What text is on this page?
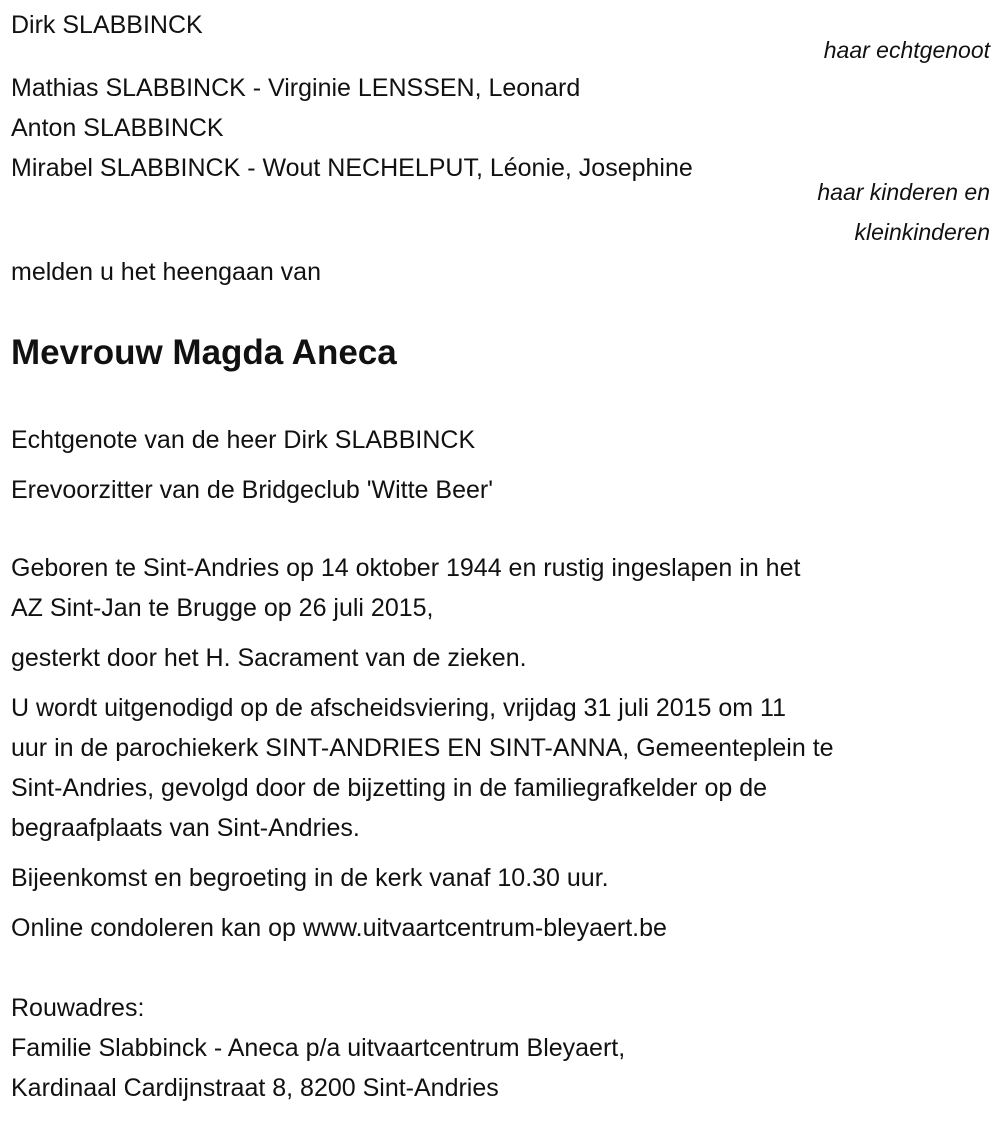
Dirk SLABBINCK
haar echtgenoot
Mathias SLABBINCK - Virginie LENSSEN, Leonard
Anton SLABBINCK
Mirabel SLABBINCK - Wout NECHELPUT, Léonie, Josephine
haar kinderen en
kleinkinderen
melden u het heengaan van
Mevrouw Magda Aneca
Echtgenote van de heer Dirk SLABBINCK
Erevoorzitter van de Bridgeclub 'Witte Beer'
Geboren te Sint-Andries op 14 oktober 1944 en rustig ingeslapen in het
AZ Sint-Jan te Brugge op 26 juli 2015,
gesterkt door het H. Sacrament van de zieken.
U wordt uitgenodigd op de afscheidsviering, vrijdag 31 juli 2015 om 11
uur in de parochiekerk SINT-ANDRIES EN SINT-ANNA, Gemeenteplein te
Sint-Andries, gevolgd door de bijzetting in de familiegrafkelder op de
begraafplaats van Sint-Andries.
Bijeenkomst en begroeting in de kerk vanaf 10.30 uur.
Online condoleren kan op www.uitvaartcentrum-bleyaert.be
Rouwadres:
Familie Slabbinck - Aneca p/a uitvaartcentrum Bleyaert,
Kardinaal Cardijnstraat 8, 8200 Sint-Andries
